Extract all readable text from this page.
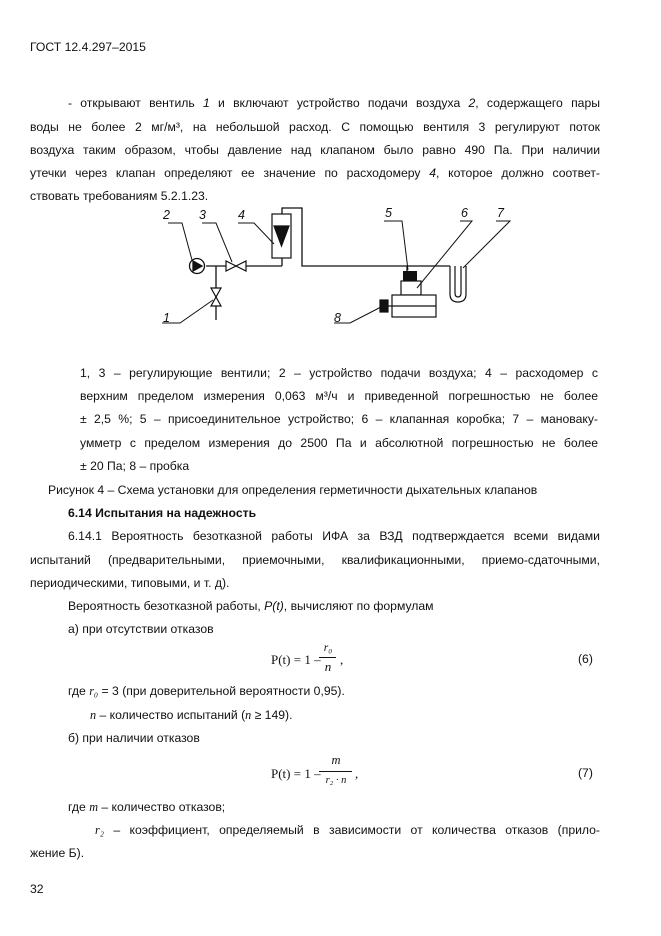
ГОСТ 12.4.297–2015
- открывают вентиль 1 и включают устройство подачи воздуха 2, содержащего пары
воды не более 2 мг/м³, на небольшой расход. С помощью вентиля 3 регулируют поток
воздуха таким образом, чтобы давление над клапаном было равно 490 Па. При наличии
утечки через клапан определяют ее значение по расходомеру 4, которое должно соответ-
ствовать требованиям 5.2.1.23.
2 3	4	5	6 7
1	8
1, 3 – регулирующие вентили; 2 – устройство подачи воздуха; 4 – расходомер с
верхним пределом измерения 0,063 м³/ч и приведенной погрешностью не более
± 2,5 %; 5 – присоединительное устройство; 6 – клапанная коробка; 7 – мановаку-
умметр с пределом измерения до 2500 Па и абсолютной погрешностью не более
± 20 Па; 8 – пробка
Рисунок 4 – Схема установки для определения герметичности дыхательных клапанов
6.14 Испытания на надежность
6.14.1 Вероятность безотказной работы ИФА за ВЗД подтверждается всеми видами
испытаний (предварительными, приемочными, квалификационными, приемо-сдаточными,
периодическими, типовыми, и т. д).
Вероятность безотказной работы, P(t), вычисляют по формулам
а) при отсутствии отказов
P(t) = 1 –
r₀
n ,	(6)
где r₀ = 3 (при доверительной вероятности 0,95).
n – количество испытаний (n ≥ 149).
б) при наличии отказов
P(t) = 1 –
m
r₂ · n ,	(7)
где m – количество отказов;
r₂ – коэффициент, определяемый в зависимости от количества отказов (прило-
жение Б).
32
